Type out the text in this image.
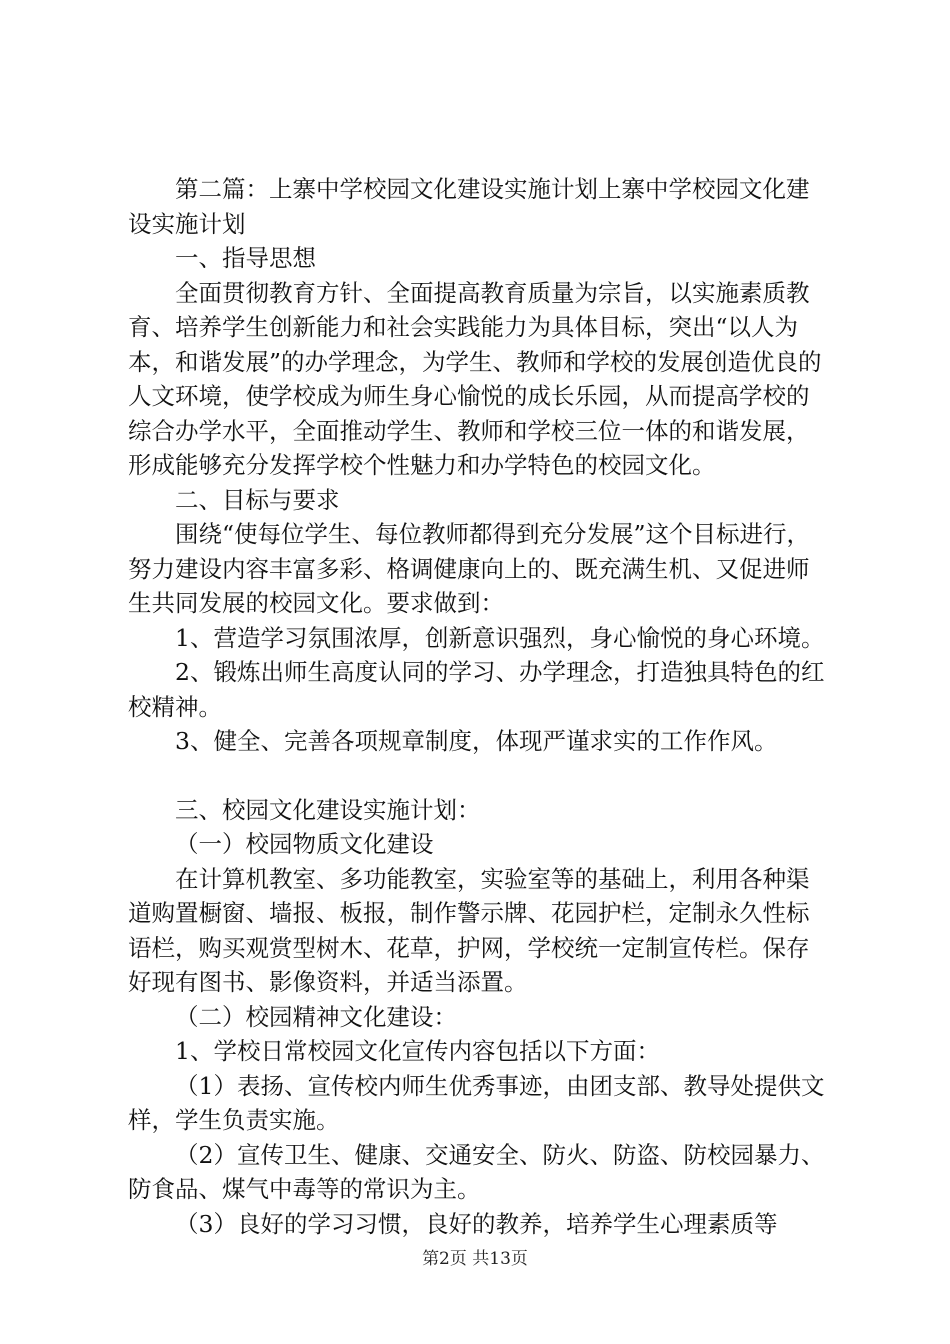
第二篇：上寨中学校园文化建设实施计划上寨中学校园文化建设实施计划

一、指导思想

全面贯彻教育方针、全面提高教育质量为宗旨，以实施素质教育、培养学生创新能力和社会实践能力为具体目标，突出“以人为本，和谐发展”的办学理念，为学生、教师和学校的发展创造优良的人文环境，使学校成为师生身心愉悦的成长乐园，从而提高学校的综合办学水平，全面推动学生、教师和学校三位一体的和谐发展，形成能够充分发挥学校个性魅力和办学特色的校园文化。

二、目标与要求

围绕“使每位学生、每位教师都得到充分发展”这个目标进行，努力建设内容丰富多彩、格调健康向上的、既充满生机、又促进师生共同发展的校园文化。要求做到：

1、营造学习氛围浓厚，创新意识强烈，身心愉悦的身心环境。

2、锻炼出师生高度认同的学习、办学理念，打造独具特色的红校精神。

3、健全、完善各项规章制度，体现严谨求实的工作作风。

三、校园文化建设实施计划：

（一）校园物质文化建设

在计算机教室、多功能教室，实验室等的基础上，利用各种渠道购置橱窗、墙报、板报，制作警示牌、花园护栏，定制永久性标语栏，购买观赏型树木、花草，护网，学校统一定制宣传栏。保存好现有图书、影像资料，并适当添置。

（二）校园精神文化建设：

1、学校日常校园文化宣传内容包括以下方面：

（1）表扬、宣传校内师生优秀事迹，由团支部、教导处提供文样，学生负责实施。

（2）宣传卫生、健康、交通安全、防火、防盗、防校园暴力、防食品、煤气中毒等的常识为主。

（3）良好的学习习惯，良好的教养，培养学生心理素质等

第2页 共13页
